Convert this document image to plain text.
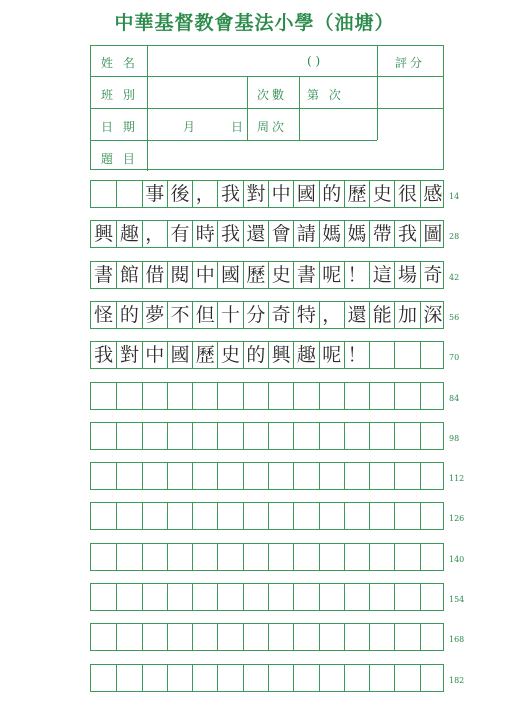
中華基督教會基法小學（油塘）
姓 名	( )	評分
班 別	次數 第 次
日 期	月	日 周次
題 目
事 後 ， 我 對 中 國 的 歷 史 很 感 14
興 趣 ， 有 時 我 還 會 請 媽 媽 帶 我 圖 28
書 館 借 閱 中 國 歷 史 書 呢 ！ 這 場 奇 42
怪 的 夢 不 但 十 分 奇 特 ， 還 能 加 深 56
我 對 中 國 歷 史 的 興 趣 呢 ！	70
84
98
112
126
140
154
168
182
